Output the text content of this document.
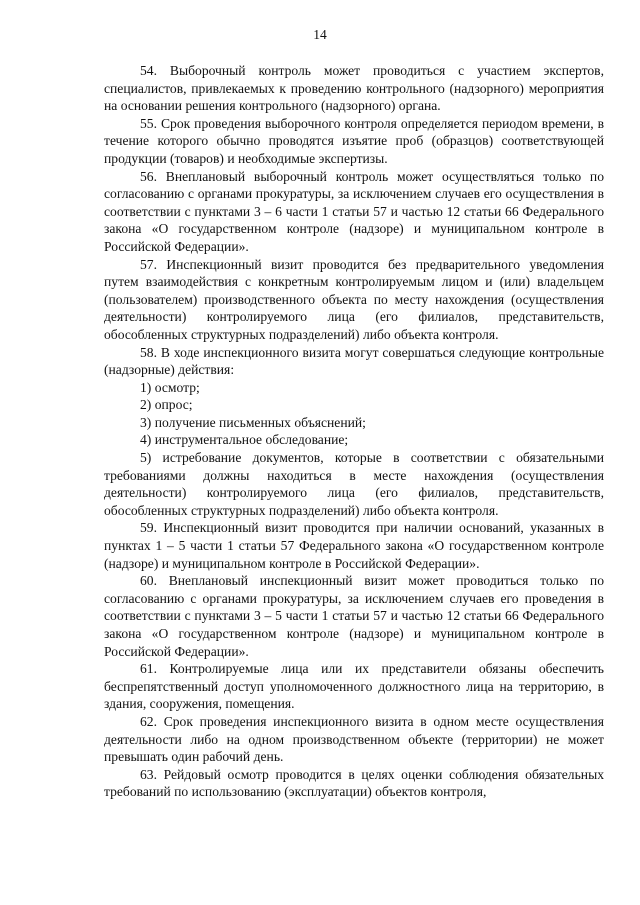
14

54. Выборочный контроль может проводиться с участием экспертов, специалистов, привлекаемых к проведению контрольного (надзорного) мероприятия на основании решения контрольного (надзорного) органа.

55. Срок проведения выборочного контроля определяется периодом времени, в течение которого обычно проводятся изъятие проб (образцов) соответствующей продукции (товаров) и необходимые экспертизы.

56. Внеплановый выборочный контроль может осуществляться только по согласованию с органами прокуратуры, за исключением случаев его осуществления в соответствии с пунктами 3 – 6 части 1 статьи 57 и частью 12 статьи 66 Федерального закона «О государственном контроле (надзоре) и муниципальном контроле в Российской Федерации».

57. Инспекционный визит проводится без предварительного уведомления путем взаимодействия с конкретным контролируемым лицом и (или) владельцем (пользователем) производственного объекта по месту нахождения (осуществления деятельности) контролируемого лица (его филиалов, представительств, обособленных структурных подразделений) либо объекта контроля.

58. В ходе инспекционного визита могут совершаться следующие контрольные (надзорные) действия:

1) осмотр;

2) опрос;

3) получение письменных объяснений;

4) инструментальное обследование;

5) истребование документов, которые в соответствии с обязательными требованиями должны находиться в месте нахождения (осуществления деятельности) контролируемого лица (его филиалов, представительств, обособленных структурных подразделений) либо объекта контроля.

59. Инспекционный визит проводится при наличии оснований, указанных в пунктах 1 – 5 части 1 статьи 57 Федерального закона «О государственном контроле (надзоре) и муниципальном контроле в Российской Федерации».

60. Внеплановый инспекционный визит может проводиться только по согласованию с органами прокуратуры, за исключением случаев его проведения в соответствии с пунктами 3 – 5 части 1 статьи 57 и частью 12 статьи 66 Федерального закона «О государственном контроле (надзоре) и муниципальном контроле в Российской Федерации».

61. Контролируемые лица или их представители обязаны обеспечить беспрепятственный доступ уполномоченного должностного лица на территорию, в здания, сооружения, помещения.

62. Срок проведения инспекционного визита в одном месте осуществления деятельности либо на одном производственном объекте (территории) не может превышать один рабочий день.

63. Рейдовый осмотр проводится в целях оценки соблюдения обязательных требований по использованию (эксплуатации) объектов контроля,
